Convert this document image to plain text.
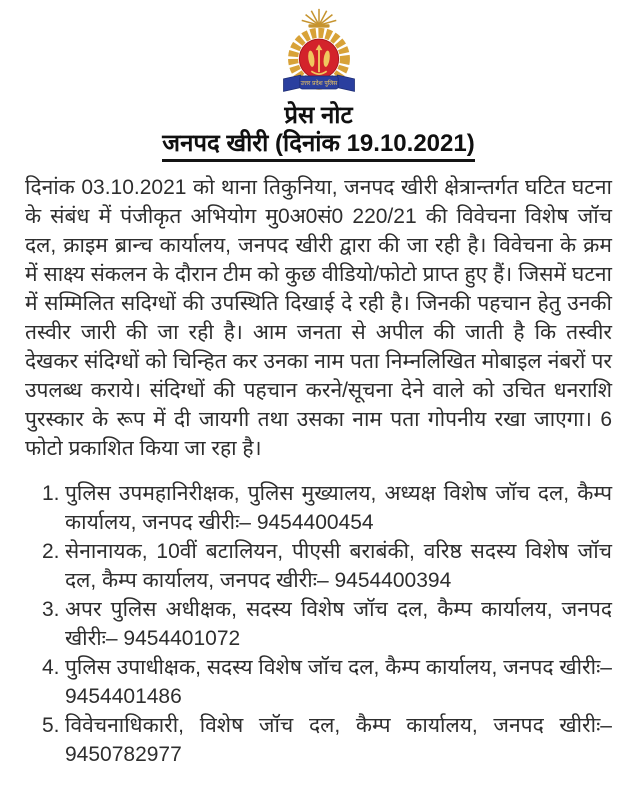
उत्तर प्रदेश पुलिस
प्रेस नोट
जनपद खीरी (दिनांक 19.10.2021)

दिनांक 03.10.2021 को थाना तिकुनिया, जनपद खीरी क्षेत्रान्तर्गत घटित घटना के संबंध में पंजीकृत अभियोग मु0अ0सं0 220/21 की विवेचना विशेष जॉच दल, क्राइम ब्रान्च कार्यालय, जनपद खीरी द्वारा की जा रही है। विवेचना के क्रम में साक्ष्य संकलन के दौरान टीम को कुछ वीडियो/फोटो प्राप्त हुए हैं। जिसमें घटना में सम्मिलित सदिग्धों की उपस्थिति दिखाई दे रही है। जिनकी पहचान हेतु उनकी तस्वीर जारी की जा रही है। आम जनता से अपील की जाती है कि तस्वीर देखकर संदिग्धों को चिन्हित कर उनका नाम पता निम्नलिखित मोबाइल नंबरों पर उपलब्ध कराये। संदिग्धों की पहचान करने/सूचना देने वाले को उचित धनराशि पुरस्कार के रूप में दी जायगी तथा उसका नाम पता गोपनीय रखा जाएगा। 6 फोटो प्रकाशित किया जा रहा है।

1. पुलिस उपमहानिरीक्षक, पुलिस मुख्यालय, अध्यक्ष विशेष जॉच दल, कैम्प कार्यालय, जनपद खीरीः– 9454400454
2. सेनानायक, 10वीं बटालियन, पीएसी बराबंकी, वरिष्ठ सदस्य विशेष जॉच दल, कैम्प कार्यालय, जनपद खीरीः– 9454400394
3. अपर पुलिस अधीक्षक, सदस्य विशेष जॉच दल, कैम्प कार्यालय, जनपद खीरीः– 9454401072
4. पुलिस उपाधीक्षक, सदस्य विशेष जॉच दल, कैम्प कार्यालय, जनपद खीरीः– 9454401486
5. विवेचनाधिकारी, विशेष जॉच दल, कैम्प कार्यालय, जनपद खीरीः– 9450782977
